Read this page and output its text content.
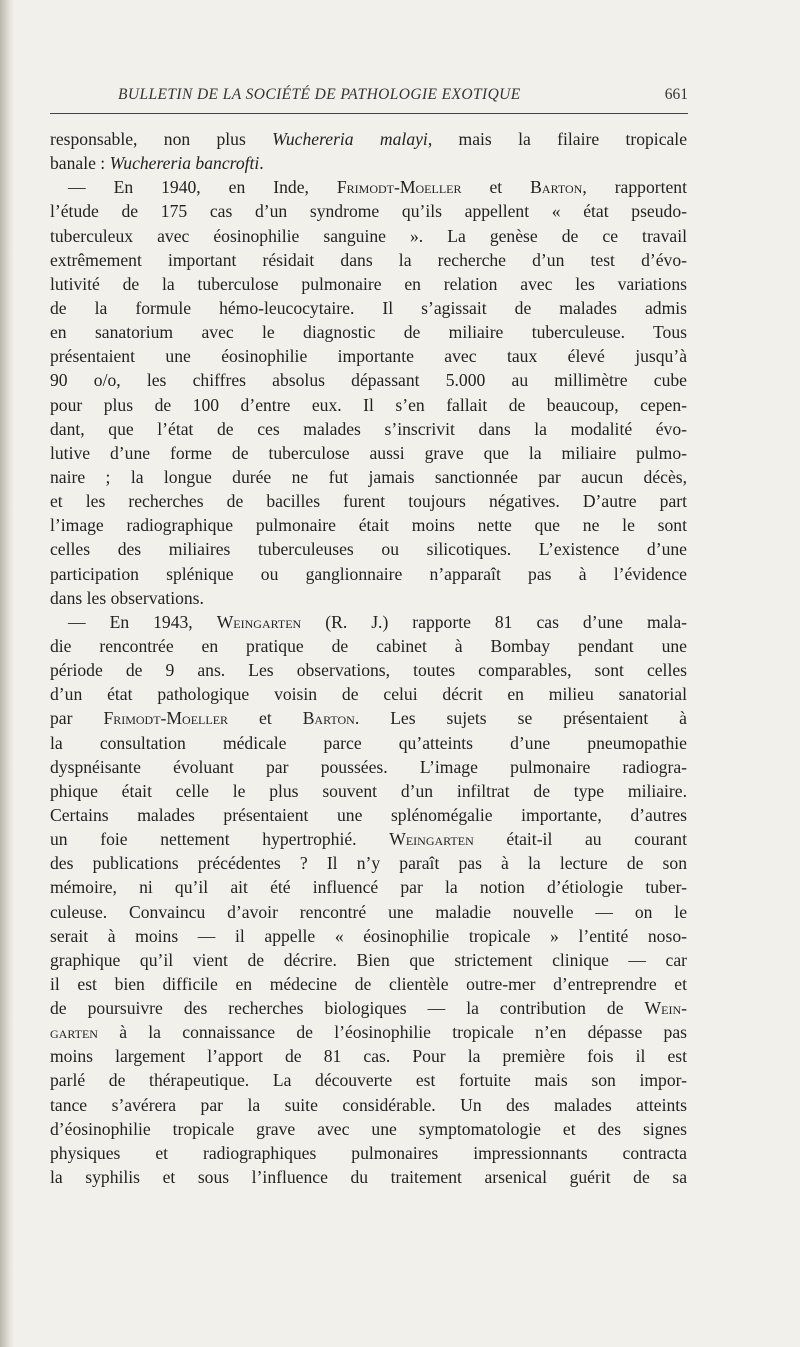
BULLETIN DE LA SOCIÉTÉ DE PATHOLOGIE EXOTIQUE	661
responsable, non plus Wuchereria malayi, mais la filaire tropicale
banale : Wuchereria bancrofti.
— En 1940, en Inde, Frimodt-Moeller et Barton, rapportent
l’étude de 175 cas d’un syndrome qu’ils appellent « état pseudo-
tuberculeux avec éosinophilie sanguine ». La genèse de ce travail
extrêmement important résidait dans la recherche d’un test d’évo-
lutivité de la tuberculose pulmonaire en relation avec les variations
de la formule hémo-leucocytaire. Il s’agissait de malades admis
en sanatorium avec le diagnostic de miliaire tuberculeuse. Tous
présentaient une éosinophilie importante avec taux élevé jusqu’à
90 o/o, les chiffres absolus dépassant 5.000 au millimètre cube
pour plus de 100 d’entre eux. Il s’en fallait de beaucoup, cepen-
dant, que l’état de ces malades s’inscrivit dans la modalité évo-
lutive d’une forme de tuberculose aussi grave que la miliaire pulmo-
naire ; la longue durée ne fut jamais sanctionnée par aucun décès,
et les recherches de bacilles furent toujours négatives. D’autre part
l’image radiographique pulmonaire était moins nette que ne le sont
celles des miliaires tuberculeuses ou silicotiques. L’existence d’une
participation splénique ou ganglionnaire n’apparaît pas à l’évidence
dans les observations.
— En 1943, Weingarten (R. J.) rapporte 81 cas d’une mala-
die rencontrée en pratique de cabinet à Bombay pendant une
période de 9 ans. Les observations, toutes comparables, sont celles
d’un état pathologique voisin de celui décrit en milieu sanatorial
par Frimodt-Moeller et Barton. Les sujets se présentaient à
la consultation médicale parce qu’atteints d’une pneumopathie
dyspnéisante évoluant par poussées. L’image pulmonaire radiogra-
phique était celle le plus souvent d’un infiltrat de type miliaire.
Certains malades présentaient une splénomégalie importante, d’autres
un foie nettement hypertrophié. Weingarten était-il au courant
des publications précédentes ? Il n’y paraît pas à la lecture de son
mémoire, ni qu’il ait été influencé par la notion d’étiologie tuber-
culeuse. Convaincu d’avoir rencontré une maladie nouvelle — on le
serait à moins — il appelle « éosinophilie tropicale » l’entité noso-
graphique qu’il vient de décrire. Bien que strictement clinique — car
il est bien difficile en médecine de clientèle outre-mer d’entreprendre et
de poursuivre des recherches biologiques — la contribution de Wein-
garten à la connaissance de l’éosinophilie tropicale n’en dépasse pas
moins largement l’apport de 81 cas. Pour la première fois il est
parlé de thérapeutique. La découverte est fortuite mais son impor-
tance s’avérera par la suite considérable. Un des malades atteints
d’éosinophilie tropicale grave avec une symptomatologie et des signes
physiques et radiographiques pulmonaires impressionnants contracta
la syphilis et sous l’influence du traitement arsenical guérit de sa
